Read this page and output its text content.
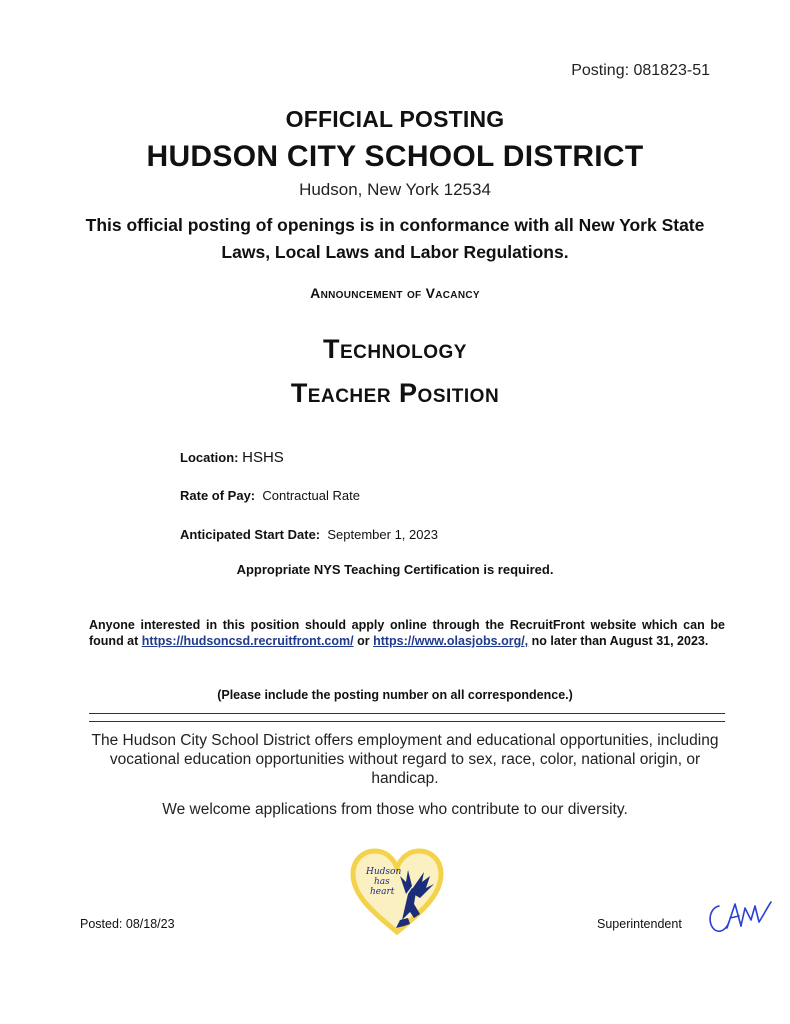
Posting: 081823-51
OFFICIAL POSTING
HUDSON CITY SCHOOL DISTRICT
Hudson, New York 12534
This official posting of openings is in conformance with all New York State
Laws, Local Laws and Labor Regulations.
Announcement of Vacancy
Technology
Teacher Position
Location: HSHS
Rate of Pay: Contractual Rate
Anticipated Start Date: September 1, 2023
Appropriate NYS Teaching Certification is required.
Anyone interested in this position should apply online through the RecruitFront website which can be found at https://hudsoncsd.recruitfront.com/ or https://www.olasjobs.org/, no later than August 31, 2023.
(Please include the posting number on all correspondence.)
The Hudson City School District offers employment and educational opportunities, including vocational education opportunities without regard to sex, race, color, national origin, or handicap.
We welcome applications from those who contribute to our diversity.
Hudson
has
heart
Posted: 08/18/23	Superintendent
